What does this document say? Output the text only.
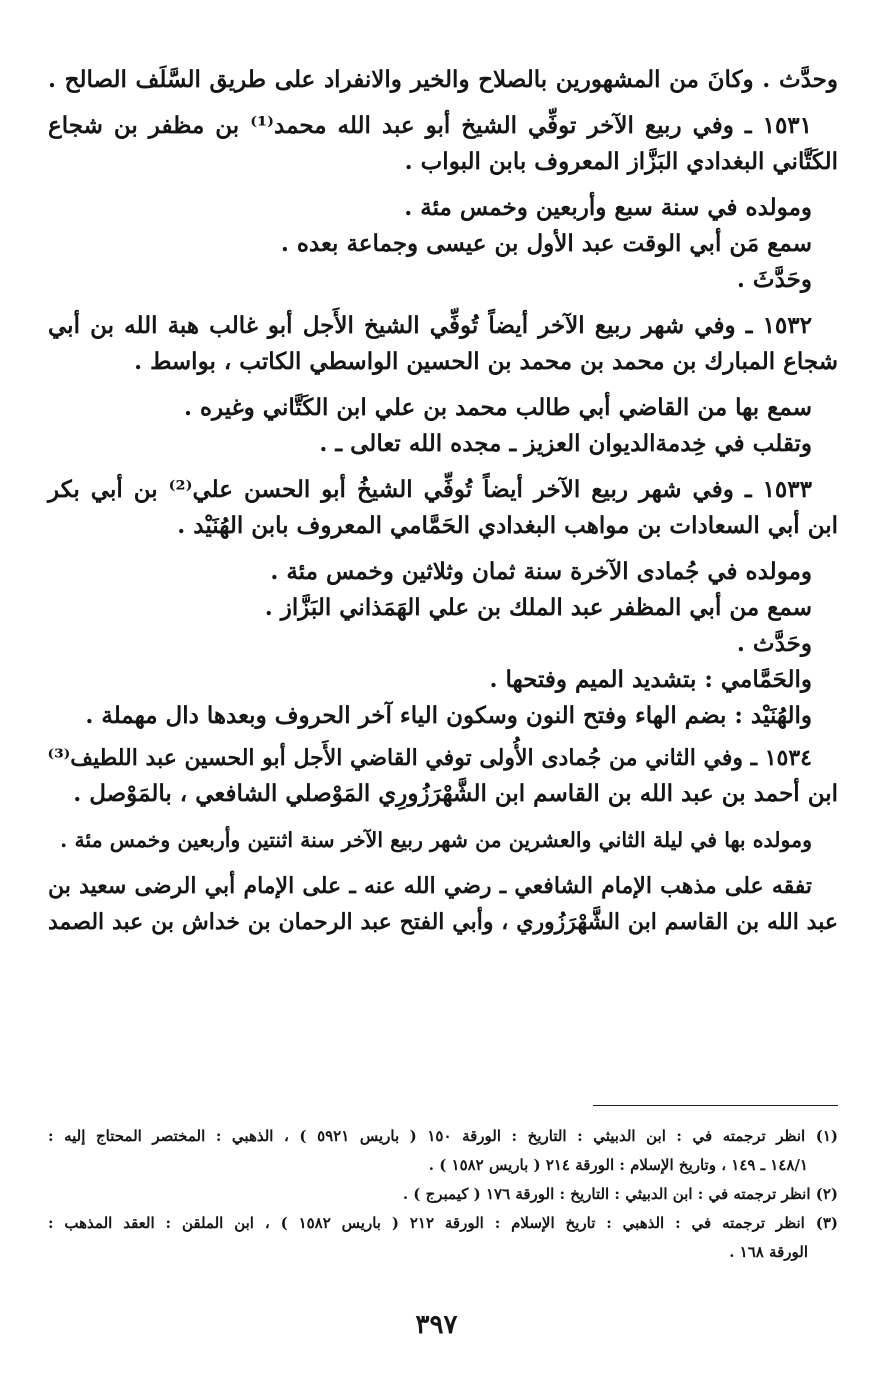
وحدَّث . وكانَ من المشهورين بالصلاح والخير والانفراد على طريق السَّلَف الصالح .
١٥٣١ ـ وفي ربيع الآخر توفِّي الشيخ أبو عبد الله محمد⁽¹⁾ بن مظفر بن شجاع
الكَتَّاني البغدادي البَزَّاز المعروف بابن البواب .
ومولده في سنة سبع وأربعين وخمس مئة .
سمع مَن أبي الوقت عبد الأول بن عيسى وجماعة بعده .
وحَدَّثَ .
١٥٣٢ ـ وفي شهر ربيع الآخر أيضاً تُوفِّي الشيخ الأَجل أبو غالب هبة الله بن أبي
شجاع المبارك بن محمد بن محمد بن الحسين الواسطي الكاتب ، بواسط .
سمع بها من القاضي أبي طالب محمد بن علي ابن الكَتَّاني وغيره .
وتقلب في خِدمةالديوان العزيز ـ مجده الله تعالى ـ .
١٥٣٣ ـ وفي شهر ربيع الآخر أيضاً تُوفِّي الشيخُ أبو الحسن علي⁽²⁾ بن أبي بكر
ابن أبي السعادات بن مواهب البغدادي الحَمَّامي المعروف بابن الهُنَيْد .
ومولده في جُمادى الآخرة سنة ثمان وثلاثين وخمس مئة .
سمع من أبي المظفر عبد الملك بن علي الهَمَذاني البَزَّاز .
وحَدَّث .
والحَمَّامي : بتشديد الميم وفتحها .
والهُنَيْد : بضم الهاء وفتح النون وسكون الياء آخر الحروف وبعدها دال مهملة .
١٥٣٤ ـ وفي الثاني من جُمادى الأُولى توفي القاضي الأَجل أبو الحسين عبد اللطيف⁽³⁾
ابن أحمد بن عبد الله بن القاسم ابن الشَّهْرَزُورِي المَوْصلي الشافعي ، بالمَوْصل .
ومولده بها في ليلة الثاني والعشرين من شهر ربيع الآخر سنة اثنتين وأربعين وخمس مئة .
تفقه على مذهب الإمام الشافعي ـ رضي الله عنه ـ على الإمام أبي الرضى سعيد بن
عبد الله بن القاسم ابن الشَّهْرَزُوري ، وأبي الفتح عبد الرحمان بن خداش بن عبد الصمد
(١) انظر ترجمته في : ابن الدبيثي : التاريخ : الورقة ١٥٠ ( باريس ٥٩٢١ ) ، الذهبي : المختصر المحتاج إليه :
١٤٨/١ ـ ١٤٩ ، وتاريخ الإسلام : الورقة ٢١٤ ( باريس ١٥٨٢ ) .
(٢) انظر ترجمته في : ابن الدبيثي : التاريخ : الورقة ١٧٦ ( كيمبرج ) .
(٣) انظر ترجمته في : الذهبي : تاريخ الإسلام : الورقة ٢١٢ ( باريس ١٥٨٢ ) ، ابن الملقن : العقد المذهب :
الورقة ١٦٨ .
٣٩٧
